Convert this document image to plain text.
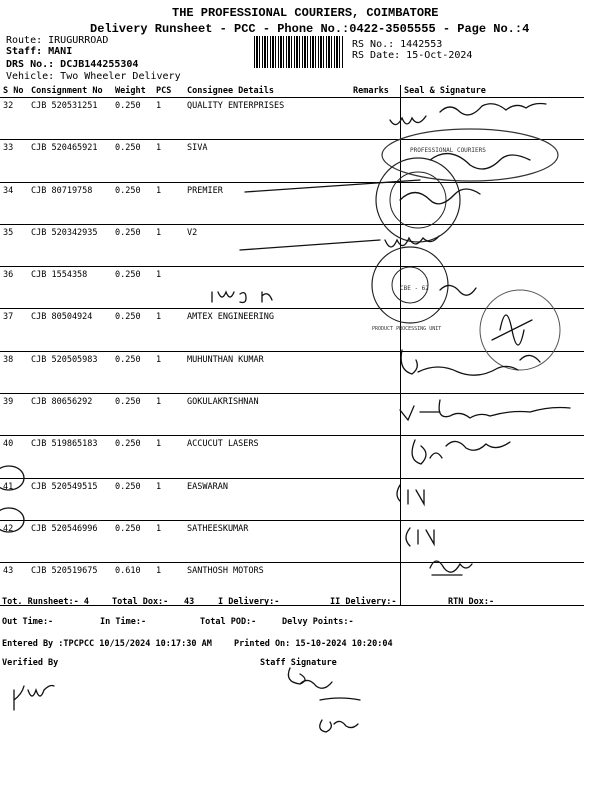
THE PROFESSIONAL COURIERS, COIMBATORE
Delivery Runsheet - PCC - Phone No.:0422-3505555 - Page No.:4
Route: IRUGURROAD
Staff: MANI
DRS No.: DCJB144255304
Vehicle: Two Wheeler Delivery
RS No.: 1442553
RS Date: 15-Oct-2024
S No	Consignment No	Weight	PCS	Consignee Details	Remarks	Seal & Signature
32	CJB 520531251	0.250	1	QUALITY ENTERPRISES		
33	CJB 520465921	0.250	1	SIVA		
34	CJB 80719758	0.250	1	PREMIER		
35	CJB 520342935	0.250	1	V2		
36	CJB 1554358	0.250	1			
37	CJB 80504924	0.250	1	AMTEX ENGINEERING		
38	CJB 520505983	0.250	1	MUHUNTHAN KUMAR		
39	CJB 80656292	0.250	1	GOKULAKRISHNAN		
40	CJB 519865183	0.250	1	ACCUCUT LASERS		
41	CJB 520549515	0.250	1	EASWARAN		
42	CJB 520546996	0.250	1	SATHEESKUMAR		
43	CJB 520519675	0.610	1	SANTHOSH MOTORS		
Tot. Runsheet:- 4	Total Dox:- 43	I Delivery:-	II Delivery:-	RTN Dox:-
Out Time:-	In Time:-	Total POD:-	Delvy Points:-
Entered By :TPCPCC 10/15/2024 10:17:30 AM	Printed On: 15-10-2024 10:20:04
Verified By	Staff Signature
PROFESSIONAL COURIERS
CBE - 62
PRODUCT PROCESSING UNIT
